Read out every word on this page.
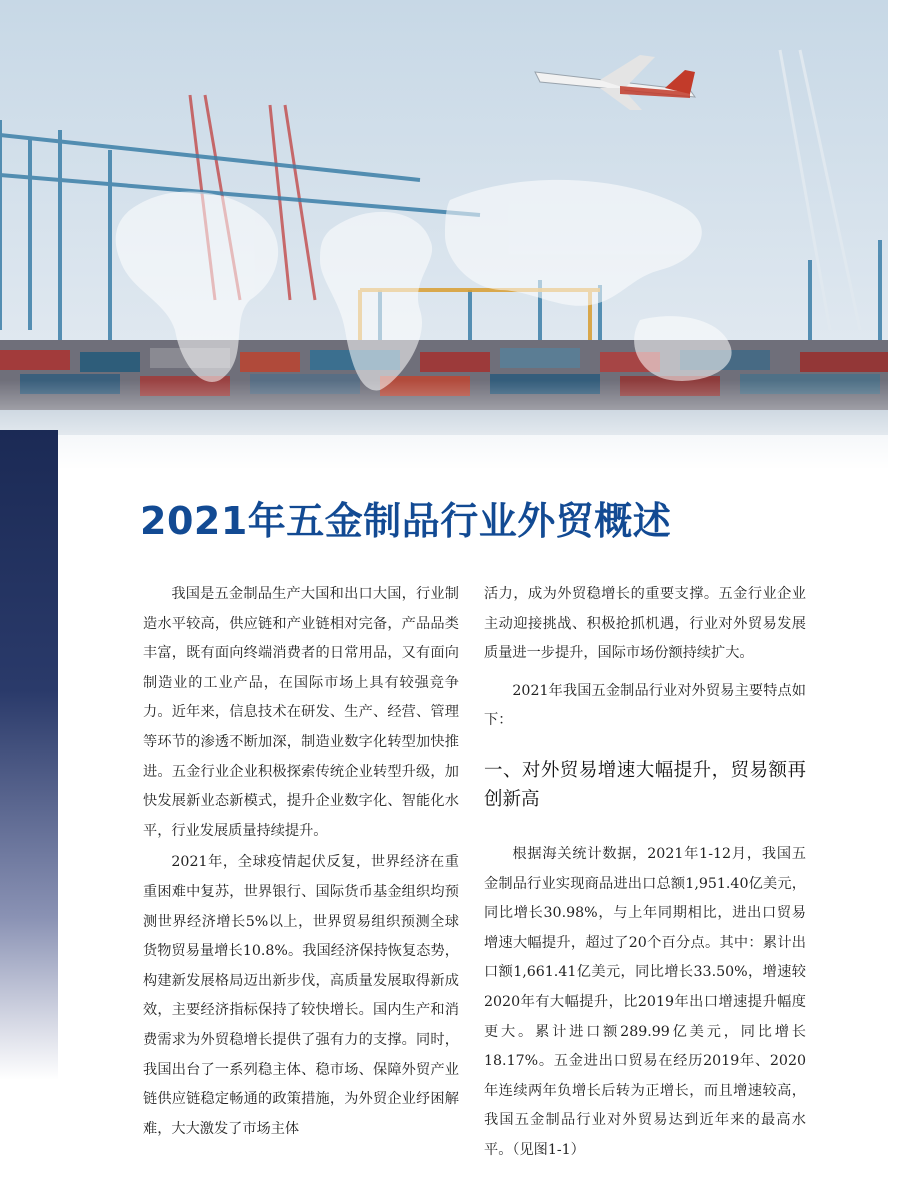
2021年五金制品行业外贸概述

我国是五金制品生产大国和出口大国，行业制造水平较高，供应链和产业链相对完备，产品品类丰富，既有面向终端消费者的日常用品，又有面向制造业的工业产品，在国际市场上具有较强竞争力。近年来，信息技术在研发、生产、经营、管理等环节的渗透不断加深，制造业数字化转型加快推进。五金行业企业积极探索传统企业转型升级，加快发展新业态新模式，提升企业数字化、智能化水平，行业发展质量持续提升。

2021年，全球疫情起伏反复，世界经济在重重困难中复苏，世界银行、国际货币基金组织均预测世界经济增长5%以上，世界贸易组织预测全球货物贸易量增长10.8%。我国经济保持恢复态势，构建新发展格局迈出新步伐，高质量发展取得新成效，主要经济指标保持了较快增长。国内生产和消费需求为外贸稳增长提供了强有力的支撑。同时，我国出台了一系列稳主体、稳市场、保障外贸产业链供应链稳定畅通的政策措施，为外贸企业纾困解难，大大激发了市场主体

活力，成为外贸稳增长的重要支撑。五金行业企业主动迎接挑战、积极抢抓机遇，行业对外贸易发展质量进一步提升，国际市场份额持续扩大。

2021年我国五金制品行业对外贸易主要特点如下：

一、对外贸易增速大幅提升，贸易额再创新高

根据海关统计数据，2021年1-12月，我国五金制品行业实现商品进出口总额1,951.40亿美元，同比增长30.98%，与上年同期相比，进出口贸易增速大幅提升，超过了20个百分点。其中：累计出口额1,661.41亿美元，同比增长33.50%，增速较2020年有大幅提升，比2019年出口增速提升幅度更大。累计进口额289.99亿美元，同比增长18.17%。五金进出口贸易在经历2019年、2020年连续两年负增长后转为正增长，而且增速较高，我国五金制品行业对外贸易达到近年来的最高水平。（见图1-1）
